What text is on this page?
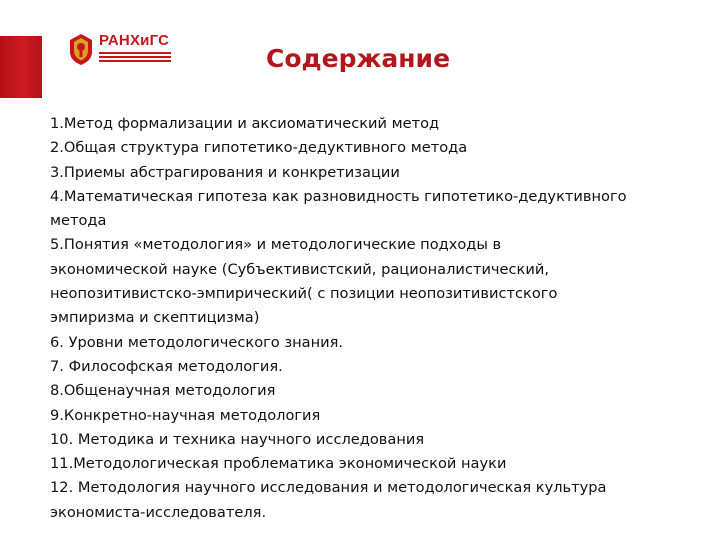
РАНХиГС
Содержание
1.Метод формализации и аксиоматический метод
2.Общая структура гипотетико-дедуктивного метода
3.Приемы абстрагирования и конкретизации
4.Математическая гипотеза как разновидность гипотетико-дедуктивного
метода
5.Понятия «методология» и методологические подходы в
экономической науке (Субъективистский, рационалистический,
неопозитивистско-эмпирический( с позиции неопозитивистского
эмпиризма и скептицизма)
6. Уровни методологического знания.
7. Философская методология.
8.Общенаучная методология
9.Конкретно-научная методология
10. Методика и техника научного исследования
11.Методологическая проблематика экономической науки
12. Методология научного исследования и методологическая культура
экономиста-исследователя.
